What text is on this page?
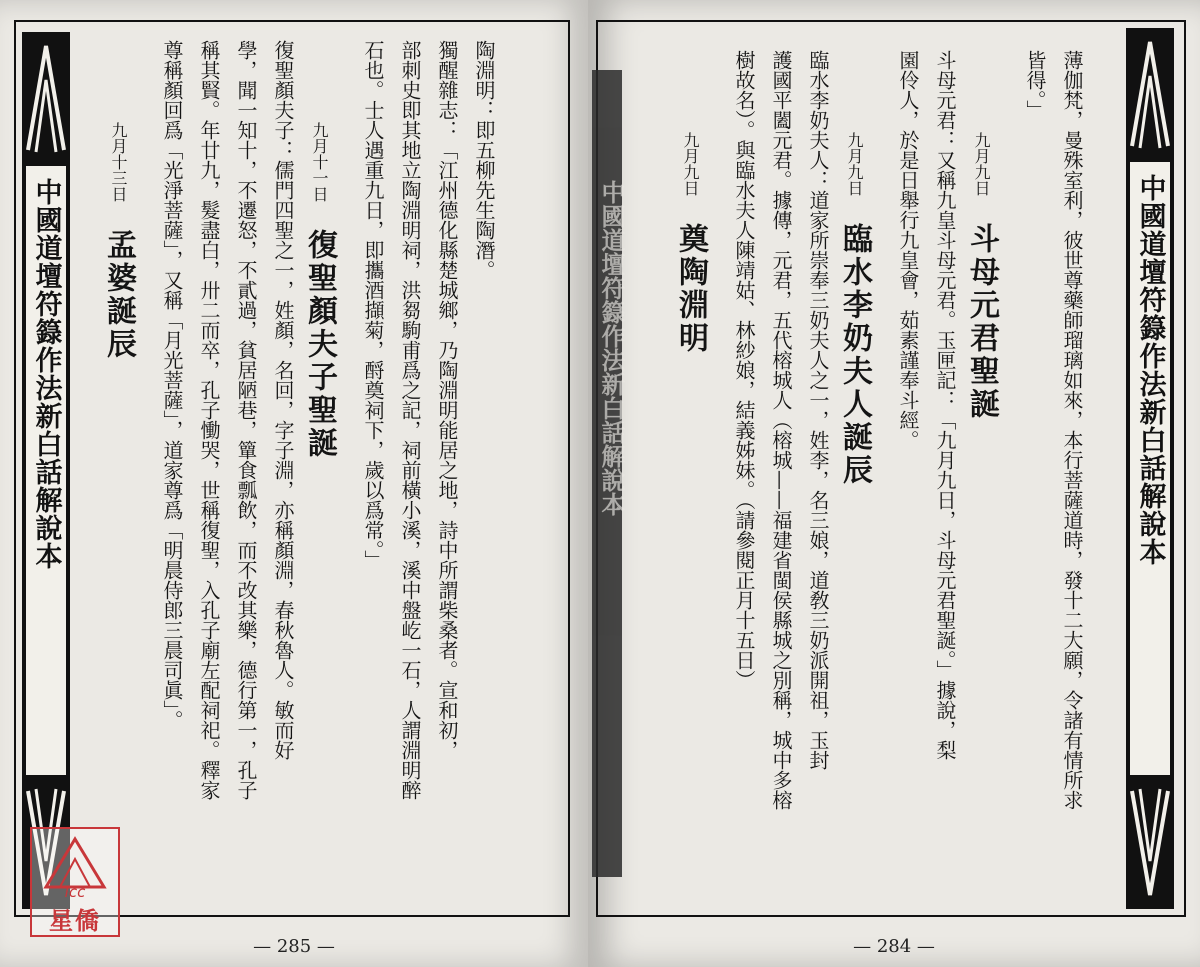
中國道壇符籙作法新白話解說本
陶淵明：即五柳先生陶潛。
獨醒雜志：「江州德化縣楚城鄉，乃陶淵明能居之地，詩中所謂柴桑者。宣和初，
部刺史即其地立陶淵明祠，洪芻駒甫爲之記，祠前橫小溪，溪中盤屹一石，人謂淵明醉
石也。士人遇重九日，即攜酒擷菊，酹奠祠下，歲以爲常。」
九月十一日 復聖顏夫子聖誕
復聖顏夫子：儒門四聖之一，姓顏，名回，字子淵，亦稱顏淵，春秋魯人。敏而好
學，聞一知十，不遷怒，不貳過，貧居陋巷，簞食瓢飲，而不改其樂，德行第一，孔子
稱其賢。年廿九，髮盡白，卅二而卒，孔子慟哭，世稱復聖，入孔子廟左配祠祀。釋家
尊稱顏回爲「光淨菩薩」，又稱「月光菩薩」，道家尊爲「明晨侍郎三晨司眞」。
九月十三日 孟婆誕辰
— 285 —
lcc
星僑
中國道壇符籙作法新白話解說本	中國道壇符籙作法新白話解說本
薄伽梵，曼殊室利，彼世尊藥師瑠璃如來，本行菩薩道時，發十二大願，令諸有情所求
皆得。」
九月九日 斗母元君聖誕
斗母元君：又稱九皇斗母元君。玉匣記：「九月九日，斗母元君聖誕。」據說，梨
園伶人，於是日舉行九皇會，茹素謹奉斗經。
九月九日 臨水李奶夫人誕辰
臨水李奶夫人：道家所崇奉三奶夫人之一，姓李，名三娘，道敎三奶派開祖，玉封
護國平闔元君。據傳，元君，五代榕城人（榕城——福建省閩侯縣城之別稱，城中多榕
樹故名）。與臨水夫人陳靖姑、林紗娘，結義姊妹。（請參閱正月十五日）
九月九日 奠陶淵明
— 284 —
